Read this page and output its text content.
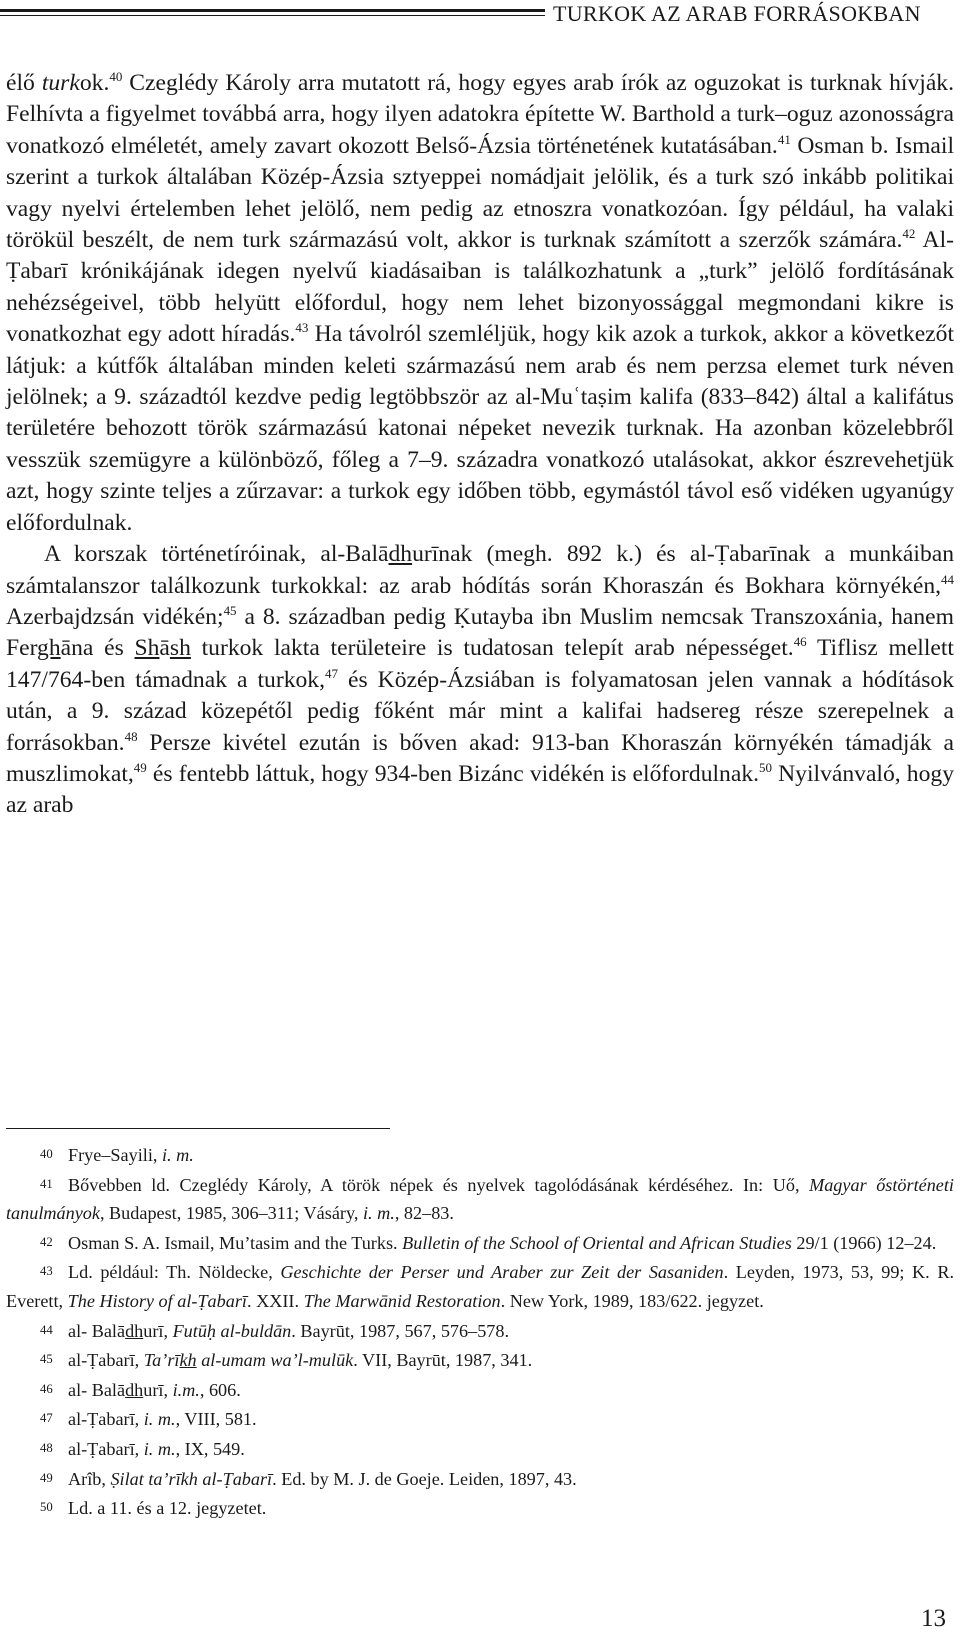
TURKOK AZ ARAB FORRÁSOKBAN

élő turkok.$^{40}$ Czeglédy Károly arra mutatott rá, hogy egyes arab írók az oguzokat is turknak hívják. Felhívta a figyelmet továbbá arra, hogy ilyen adatokra építette W. Barthold a turk–oguz azonosságra vonatkozó elméletét, amely zavart okozott Belső-Ázsia történetének kutatásában.$^{41}$ Osman b. Ismail szerint a turkok általában Közép-Ázsia sztyeppei nomádjait jelölik, és a turk szó inkább politikai vagy nyelvi értelemben lehet jelölő, nem pedig az etnoszra vonatkozóan. Így például, ha valaki törökül beszélt, de nem turk származású volt, akkor is turknak számított a szerzők számára.$^{42}$ Al-Ṭabarī krónikájának idegen nyelvű kiadásaiban is találkozhatunk a „turk” jelölő fordításának nehézségeivel, több helyütt előfordul, hogy nem lehet bizonyossággal megmondani kikre is vonatkozhat egy adott híradás.$^{43}$ Ha távolról szemléljük, hogy kik azok a turkok, akkor a következőt látjuk: a kútfők általában minden keleti származású nem arab és nem perzsa elemet turk néven jelölnek; a 9. századtól kezdve pedig legtöbbször az al-Muʿtaṣim kalifa (833–842) által a kalifátus területére behozott török származású katonai népeket nevezik turknak. Ha azonban közelebbről vesszük szemügyre a különböző, főleg a 7–9. századra vonatkozó utalásokat, akkor észrevehetjük azt, hogy szinte teljes a zűrzavar: a turkok egy időben több, egymástól távol eső vidéken ugyanúgy előfordulnak.

A korszak történetíróinak, al-Balādhurīnak (megh. 892 k.) és al-Ṭabarīnak a munkáiban számtalanszor találkozunk turkokkal: az arab hódítás során Khoraszán és Bokhara környékén,$^{44}$ Azerbajdzsán vidékén;$^{45}$ a 8. században pedig Ḳutayba ibn Muslim nemcsak Transzoxánia, hanem Ferghāna és Shāsh turkok lakta területeire is tudatosan telepít arab népességet.$^{46}$ Tiflisz mellett 147/764-ben támadnak a turkok,$^{47}$ és Közép-Ázsiában is folyamatosan jelen vannak a hódítások után, a 9. század közepétől pedig főként már mint a kalifai hadsereg része szerepelnek a forrásokban.$^{48}$ Persze kivétel ezután is bőven akad: 913-ban Khoraszán környékén támadják a muszlimokat,$^{49}$ és fentebb láttuk, hogy 934-ben Bizánc vidékén is előfordulnak.$^{50}$ Nyilvánvaló, hogy az arab

40 Frye–Sayili, i. m.

41 Bővebben ld. Czeglédy Károly, A török népek és nyelvek tagolódásának kérdéséhez. In: Uő, Magyar őstörténeti tanulmányok, Budapest, 1985, 306–311; Vásáry, i. m., 82–83.

42 Osman S. A. Ismail, Mu’tasim and the Turks. Bulletin of the School of Oriental and African Studies 29/1 (1966) 12–24.

43 Ld. például: Th. Nöldecke, Geschichte der Perser und Araber zur Zeit der Sasaniden. Leyden, 1973, 53, 99; K. R. Everett, The History of al-Ṭabarī. XXII. The Marwānid Restoration. New York, 1989, 183/622. jegyzet.

44 al- Balādhurī, Futūḥ al-buldān. Bayrūt, 1987, 567, 576–578.

45 al-Ṭabarī, Ta’rīkh al-umam wa’l-mulūk. VII, Bayrūt, 1987, 341.

46 al- Balādhurī, i.m., 606.

47 al-Ṭabarī, i. m., VIII, 581.

48 al-Ṭabarī, i. m., IX, 549.

49 Arîb, Ṣilat ta’rīkh al-Ṭabarī. Ed. by M. J. de Goeje. Leiden, 1897, 43.

50 Ld. a 11. és a 12. jegyzetet.

13
